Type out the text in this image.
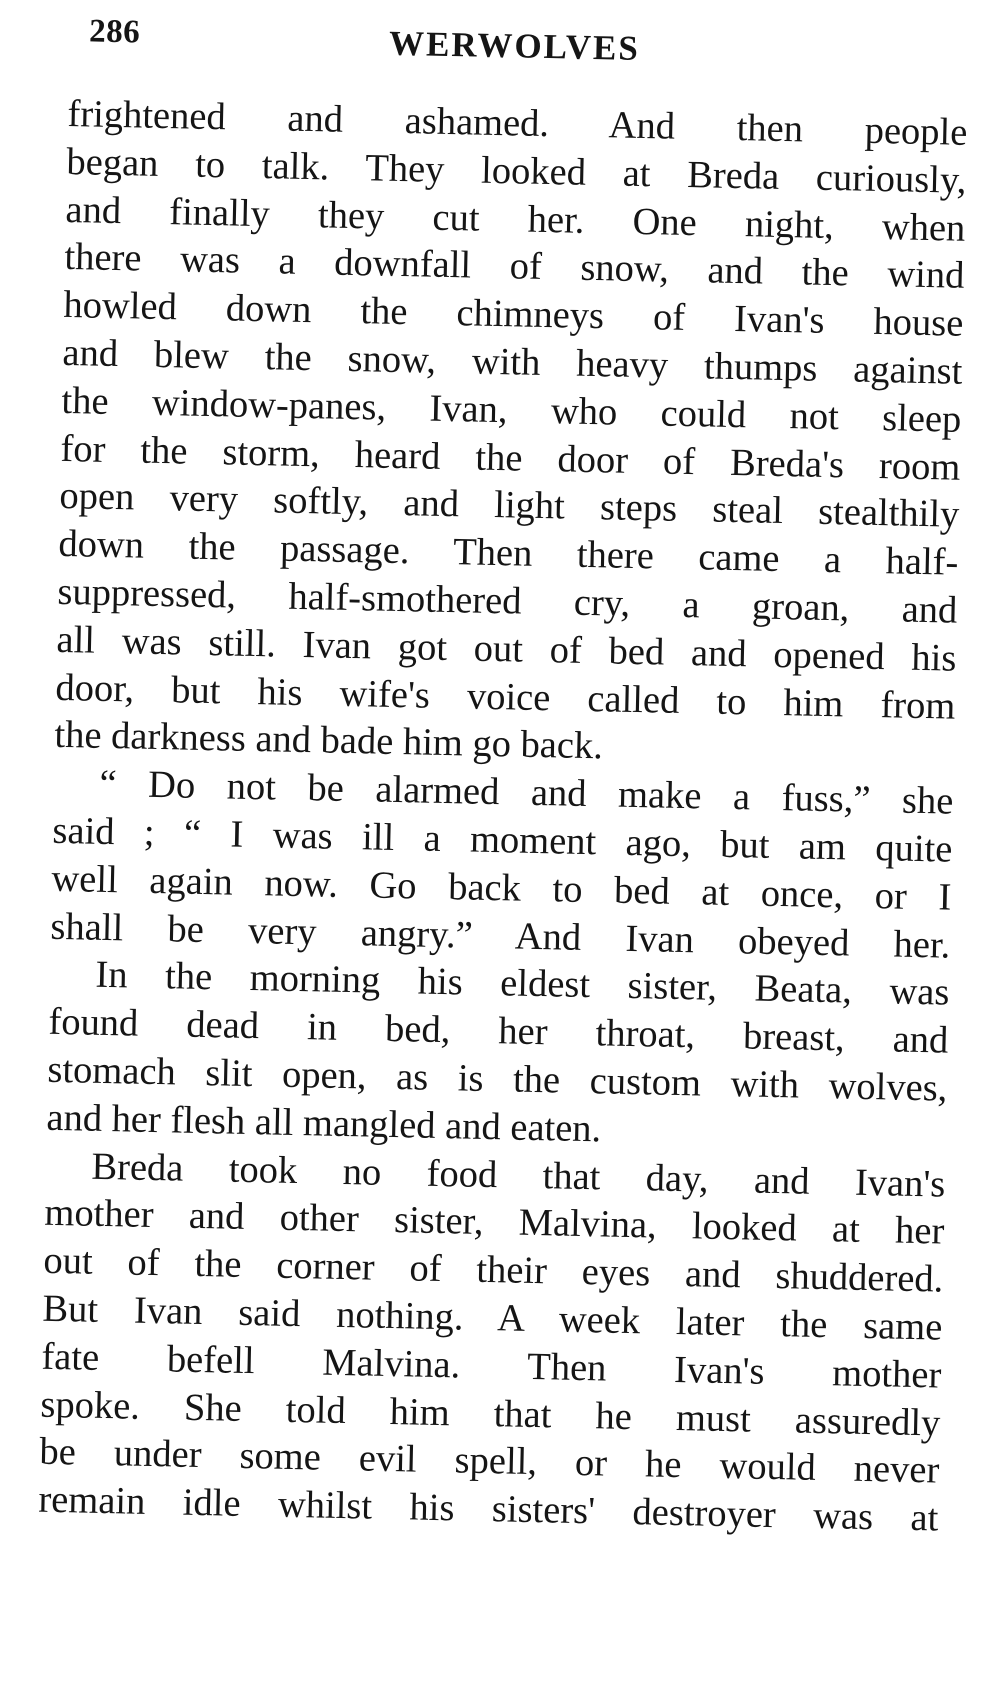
286	WERWOLVES
frightened and ashamed. And then people
began to talk. They looked at Breda curiously,
and finally they cut her. One night, when
there was a downfall of snow, and the wind
howled down the chimneys of Ivan's house
and blew the snow, with heavy thumps against
the window-panes, Ivan, who could not sleep
for the storm, heard the door of Breda's room
open very softly, and light steps steal stealthily
down the passage. Then there came a half-
suppressed, half-smothered cry, a groan, and
all was still. Ivan got out of bed and opened his
door, but his wife's voice called to him from
the darkness and bade him go back.
“ Do not be alarmed and make a fuss,” she
said ; “ I was ill a moment ago, but am quite
well again now. Go back to bed at once, or I
shall be very angry.” And Ivan obeyed her.
In the morning his eldest sister, Beata, was
found dead in bed, her throat, breast, and
stomach slit open, as is the custom with wolves,
and her flesh all mangled and eaten.
Breda took no food that day, and Ivan's
mother and other sister, Malvina, looked at her
out of the corner of their eyes and shuddered.
But Ivan said nothing. A week later the same
fate befell Malvina. Then Ivan's mother
spoke. She told him that he must assuredly
be under some evil spell, or he would never
remain idle whilst his sisters' destroyer was at
